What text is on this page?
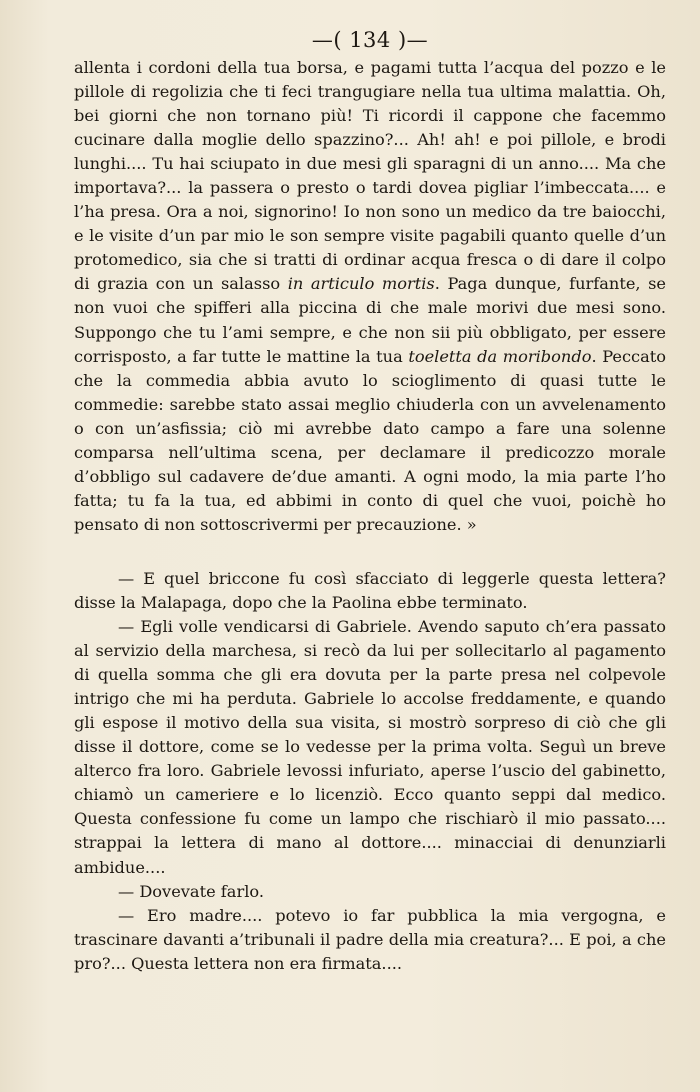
—( 134 )—

allenta i cordoni della tua borsa, e pagami tutta l’acqua del pozzo e le pillole di regolizia che ti feci trangugiare nella tua ultima malattia. Oh, bei giorni che non tornano più! Ti ricordi il cappone che facemmo cucinare dalla moglie dello spazzino?... Ah! ah! e poi pillole, e brodi lunghi.... Tu hai sciupato in due mesi gli sparagni di un anno.... Ma che importava?... la passera o presto o tardi dovea pigliar l’imbeccata.... e l’ha presa. Ora a noi, signorino! Io non sono un medico da tre baiocchi, e le visite d’un par mio le son sempre visite pagabili quanto quelle d’un protomedico, sia che si tratti di ordinar acqua fresca o di dare il colpo di grazia con un salasso in articulo mortis. Paga dunque, furfante, se non vuoi che spifferi alla piccina di che male morivi due mesi sono. Suppongo che tu l’ami sempre, e che non sii più obbligato, per essere corrisposto, a far tutte le mattine la tua toeletta da moribondo. Peccato che la commedia abbia avuto lo scioglimento di quasi tutte le commedie: sarebbe stato assai meglio chiuderla con un avvelenamento o con un’asfissia; ciò mi avrebbe dato campo a fare una solenne comparsa nell’ultima scena, per declamare il predicozzo morale d’obbligo sul cadavere de’due amanti. A ogni modo, la mia parte l’ho fatta; tu fa la tua, ed abbimi in conto di quel che vuoi, poichè ho pensato di non sottoscrivermi per precauzione. »

— E quel briccone fu così sfacciato di leggerle questa lettera? disse la Malapaga, dopo che la Paolina ebbe terminato.

— Egli volle vendicarsi di Gabriele. Avendo saputo ch’era passato al servizio della marchesa, si recò da lui per sollecitarlo al pagamento di quella somma che gli era dovuta per la parte presa nel colpevole intrigo che mi ha perduta. Gabriele lo accolse freddamente, e quando gli espose il motivo della sua visita, si mostrò sorpreso di ciò che gli disse il dottore, come se lo vedesse per la prima volta. Seguì un breve alterco fra loro. Gabriele levossi infuriato, aperse l’uscio del gabinetto, chiamò un cameriere e lo licenziò. Ecco quanto seppi dal medico. Questa confessione fu come un lampo che rischiarò il mio passato.... strappai la lettera di mano al dottore.... minacciai di denunziarli ambidue....

— Dovevate farlo.

— Ero madre.... potevo io far pubblica la mia vergogna, e trascinare davanti a’tribunali il padre della mia creatura?... E poi, a che pro?... Questa lettera non era firmata....
